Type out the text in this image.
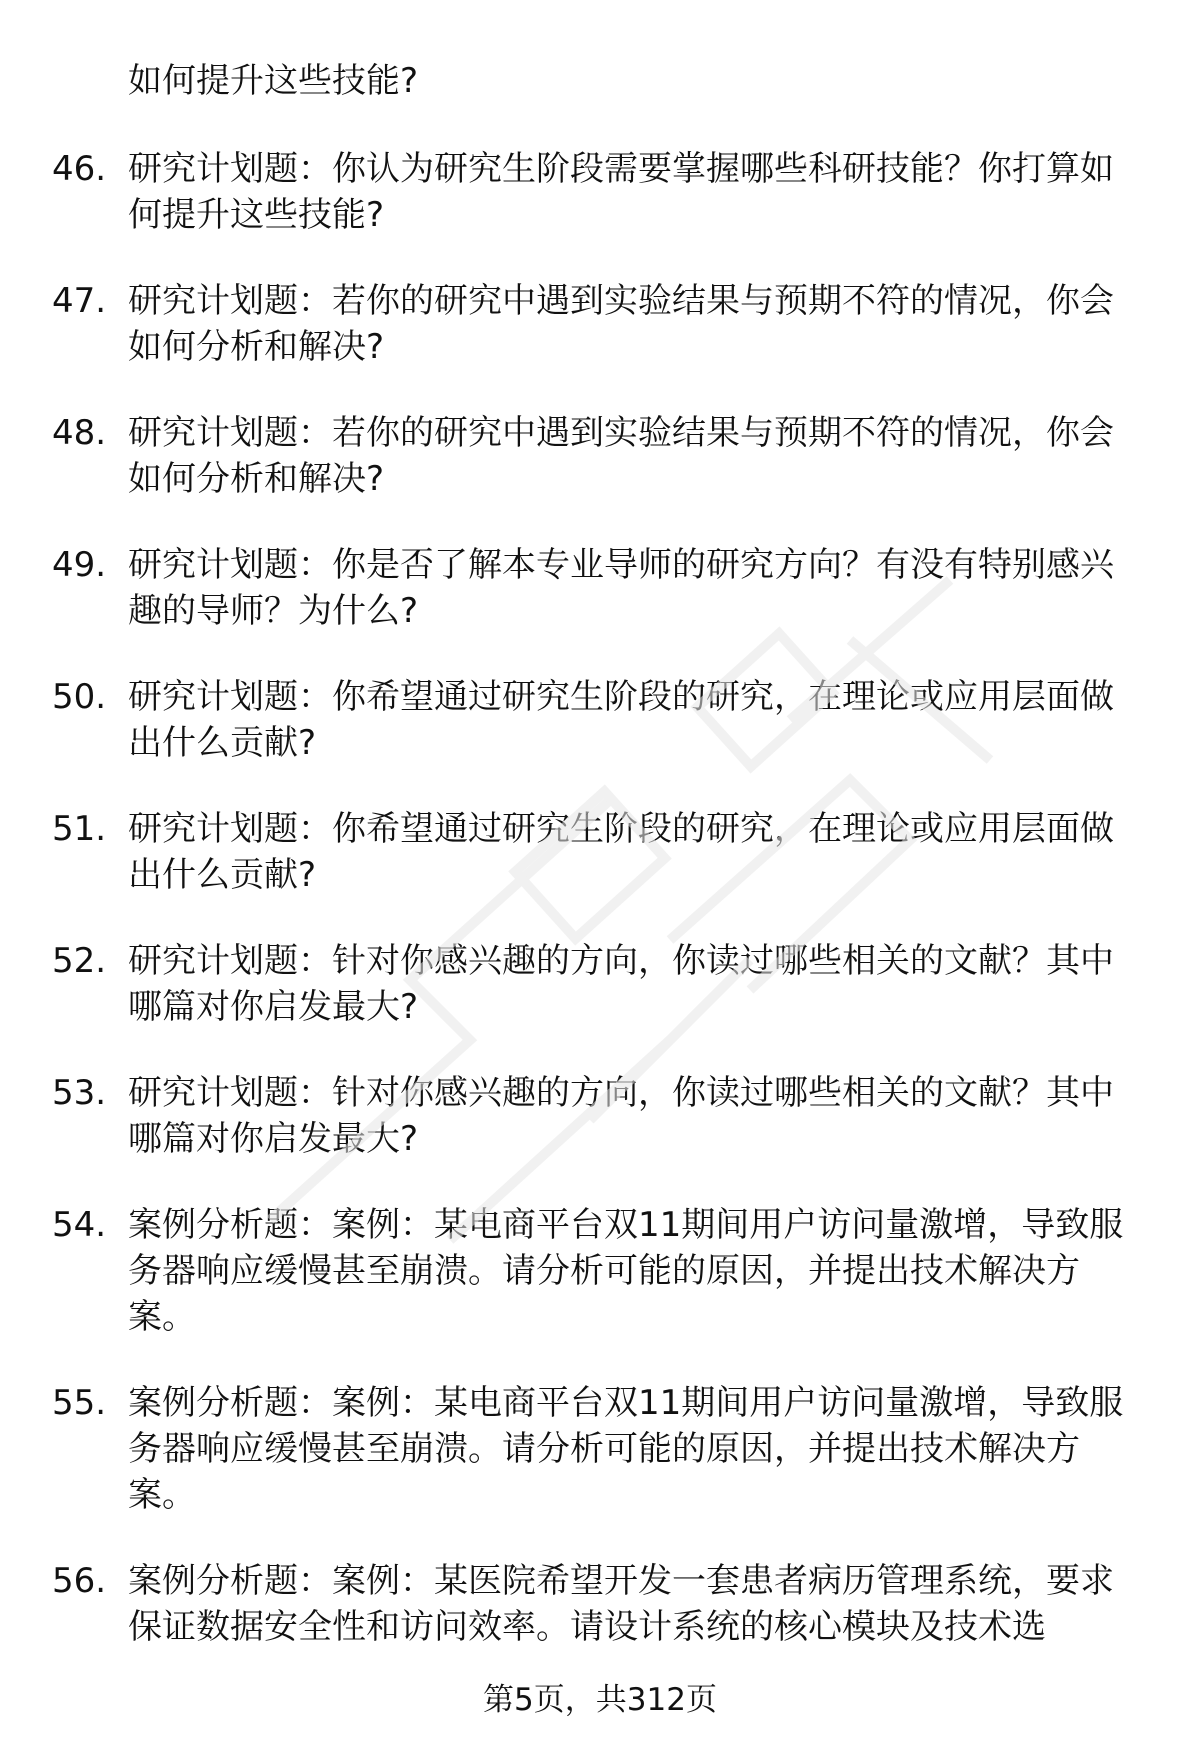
如何提升这些技能?
46. 研究计划题：你认为研究生阶段需要掌握哪些科研技能？你打算如何提升这些技能?
47. 研究计划题：若你的研究中遇到实验结果与预期不符的情况，你会如何分析和解决?
48. 研究计划题：若你的研究中遇到实验结果与预期不符的情况，你会如何分析和解决?
49. 研究计划题：你是否了解本专业导师的研究方向？有没有特别感兴趣的导师？为什么?
50. 研究计划题：你希望通过研究生阶段的研究，在理论或应用层面做出什么贡献?
51. 研究计划题：你希望通过研究生阶段的研究，在理论或应用层面做出什么贡献?
52. 研究计划题：针对你感兴趣的方向，你读过哪些相关的文献？其中哪篇对你启发最大?
53. 研究计划题：针对你感兴趣的方向，你读过哪些相关的文献？其中哪篇对你启发最大?
54. 案例分析题：案例：某电商平台双11期间用户访问量激增，导致服务器响应缓慢甚至崩溃。请分析可能的原因，并提出技术解决方案。
55. 案例分析题：案例：某电商平台双11期间用户访问量激增，导致服务器响应缓慢甚至崩溃。请分析可能的原因，并提出技术解决方案。
56. 案例分析题：案例：某医院希望开发一套患者病历管理系统，要求保证数据安全性和访问效率。请设计系统的核心模块及技术选
第5页，共312页
